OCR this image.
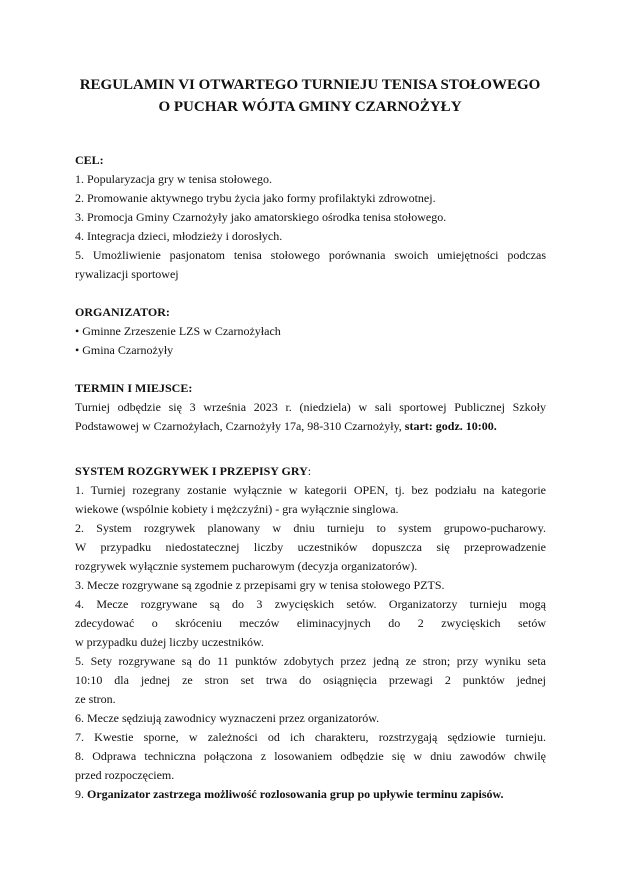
REGULAMIN VI OTWARTEGO TURNIEJU TENISA STOŁOWEGO
O PUCHAR WÓJTA GMINY CZARNOŻYŁY
CEL:
1. Popularyzacja gry w tenisa stołowego.
2. Promowanie aktywnego trybu życia jako formy profilaktyki zdrowotnej.
3. Promocja Gminy Czarnożyły jako amatorskiego ośrodka tenisa stołowego.
4. Integracja dzieci, młodzieży i dorosłych.
5. Umożliwienie pasjonatom tenisa stołowego porównania swoich umiejętności podczas
rywalizacji sportowej
ORGANIZATOR:
• Gminne Zrzeszenie LZS w Czarnożyłach
• Gmina Czarnożyły
TERMIN I MIEJSCE:
Turniej odbędzie się 3 września 2023 r. (niedziela) w sali sportowej Publicznej Szkoły
Podstawowej w Czarnożyłach, Czarnożyły 17a, 98-310 Czarnożyły, start: godz. 10:00.
SYSTEM ROZGRYWEK I PRZEPISY GRY:
1. Turniej rozegrany zostanie wyłącznie w kategorii OPEN, tj. bez podziału na kategorie
wiekowe (wspólnie kobiety i mężczyźni) - gra wyłącznie singlowa.
2. System rozgrywek planowany w dniu turnieju to system grupowo-pucharowy.
W przypadku niedostatecznej liczby uczestników dopuszcza się przeprowadzenie
rozgrywek wyłącznie systemem pucharowym (decyzja organizatorów).
3. Mecze rozgrywane są zgodnie z przepisami gry w tenisa stołowego PZTS.
4. Mecze rozgrywane są do 3 zwycięskich setów. Organizatorzy turnieju mogą
zdecydować o skróceniu meczów eliminacyjnych do 2 zwycięskich setów
w przypadku dużej liczby uczestników.
5. Sety rozgrywane są do 11 punktów zdobytych przez jedną ze stron; przy wyniku seta
10:10 dla jednej ze stron set trwa do osiągnięcia przewagi 2 punktów jednej
ze stron.
6. Mecze sędziują zawodnicy wyznaczeni przez organizatorów.
7. Kwestie sporne, w zależności od ich charakteru, rozstrzygają sędziowie turnieju.
8. Odprawa techniczna połączona z losowaniem odbędzie się w dniu zawodów chwilę
przed rozpoczęciem.
9. Organizator zastrzega możliwość rozlosowania grup po upływie terminu zapisów.
